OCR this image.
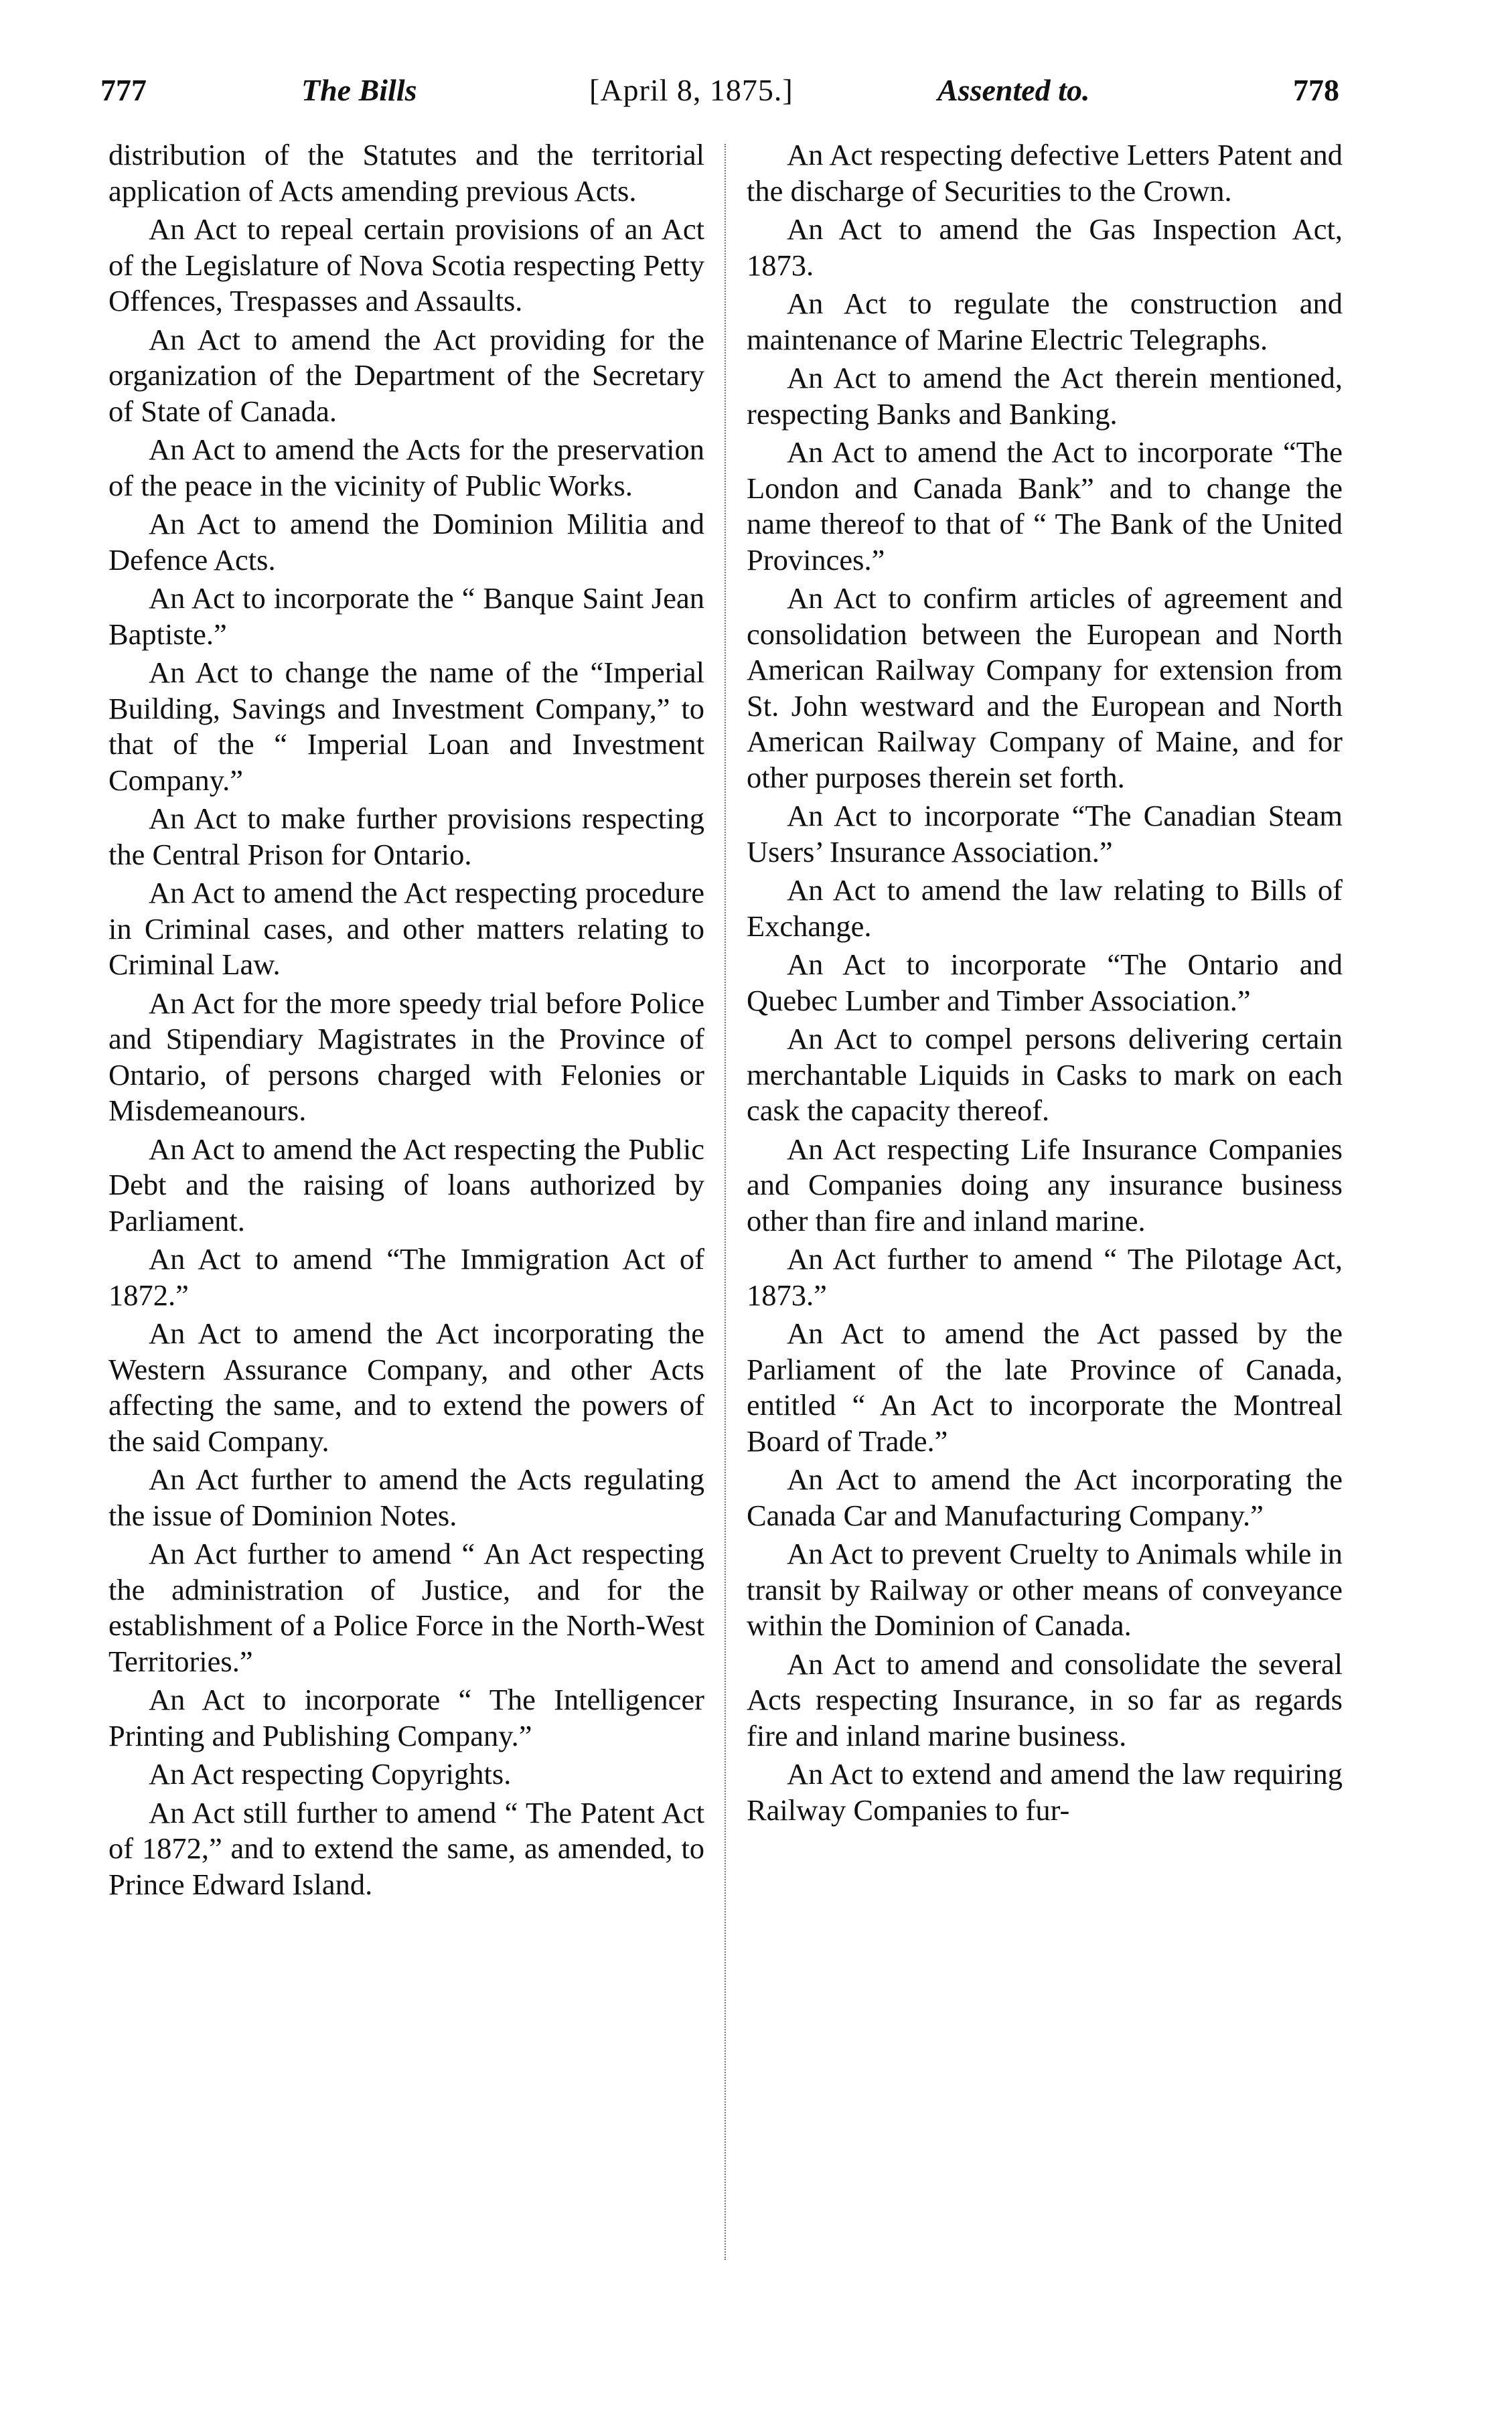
777	The Bills	[April 8, 1875.]	Assented to.	778

distribution of the Statutes and the territorial application of Acts amending previous Acts.

An Act to repeal certain provisions of an Act of the Legislature of Nova Scotia respecting Petty Offences, Trespasses and Assaults.

An Act to amend the Act providing for the organization of the Department of the Secretary of State of Canada.

An Act to amend the Acts for the preservation of the peace in the vicinity of Public Works.

An Act to amend the Dominion Militia and Defence Acts.

An Act to incorporate the “ Banque Saint Jean Baptiste.”

An Act to change the name of the “Imperial Building, Savings and Investment Company,” to that of the “ Imperial Loan and Investment Company.”

An Act to make further provisions respecting the Central Prison for Ontario.

An Act to amend the Act respecting procedure in Criminal cases, and other matters relating to Criminal Law.

An Act for the more speedy trial before Police and Stipendiary Magistrates in the Province of Ontario, of persons charged with Felonies or Misdemeanours.

An Act to amend the Act respecting the Public Debt and the raising of loans authorized by Parliament.

An Act to amend “The Immigration Act of 1872.”

An Act to amend the Act incorporating the Western Assurance Company, and other Acts affecting the same, and to extend the powers of the said Company.

An Act further to amend the Acts regulating the issue of Dominion Notes.

An Act further to amend “ An Act respecting the administration of Justice, and for the establishment of a Police Force in the North-West Territories.”

An Act to incorporate “ The Intelligencer Printing and Publishing Company.”

An Act respecting Copyrights.

An Act still further to amend “ The Patent Act of 1872,” and to extend the same, as amended, to Prince Edward Island.

An Act respecting defective Letters Patent and the discharge of Securities to the Crown.

An Act to amend the Gas Inspection Act, 1873.

An Act to regulate the construction and maintenance of Marine Electric Telegraphs.

An Act to amend the Act therein mentioned, respecting Banks and Banking.

An Act to amend the Act to incorporate “The London and Canada Bank” and to change the name thereof to that of “ The Bank of the United Provinces.”

An Act to confirm articles of agreement and consolidation between the European and North American Railway Company for extension from St. John westward and the European and North American Railway Company of Maine, and for other purposes therein set forth.

An Act to incorporate “The Canadian Steam Users’ Insurance Association.”

An Act to amend the law relating to Bills of Exchange.

An Act to incorporate “The Ontario and Quebec Lumber and Timber Association.”

An Act to compel persons delivering certain merchantable Liquids in Casks to mark on each cask the capacity thereof.

An Act respecting Life Insurance Companies and Companies doing any insurance business other than fire and inland marine.

An Act further to amend “ The Pilotage Act, 1873.”

An Act to amend the Act passed by the Parliament of the late Province of Canada, entitled “ An Act to incorporate the Montreal Board of Trade.”

An Act to amend the Act incorporating the Canada Car and Manufacturing Company.”

An Act to prevent Cruelty to Animals while in transit by Railway or other means of conveyance within the Dominion of Canada.

An Act to amend and consolidate the several Acts respecting Insurance, in so far as regards fire and inland marine business.

An Act to extend and amend the law requiring Railway Companies to fur-
